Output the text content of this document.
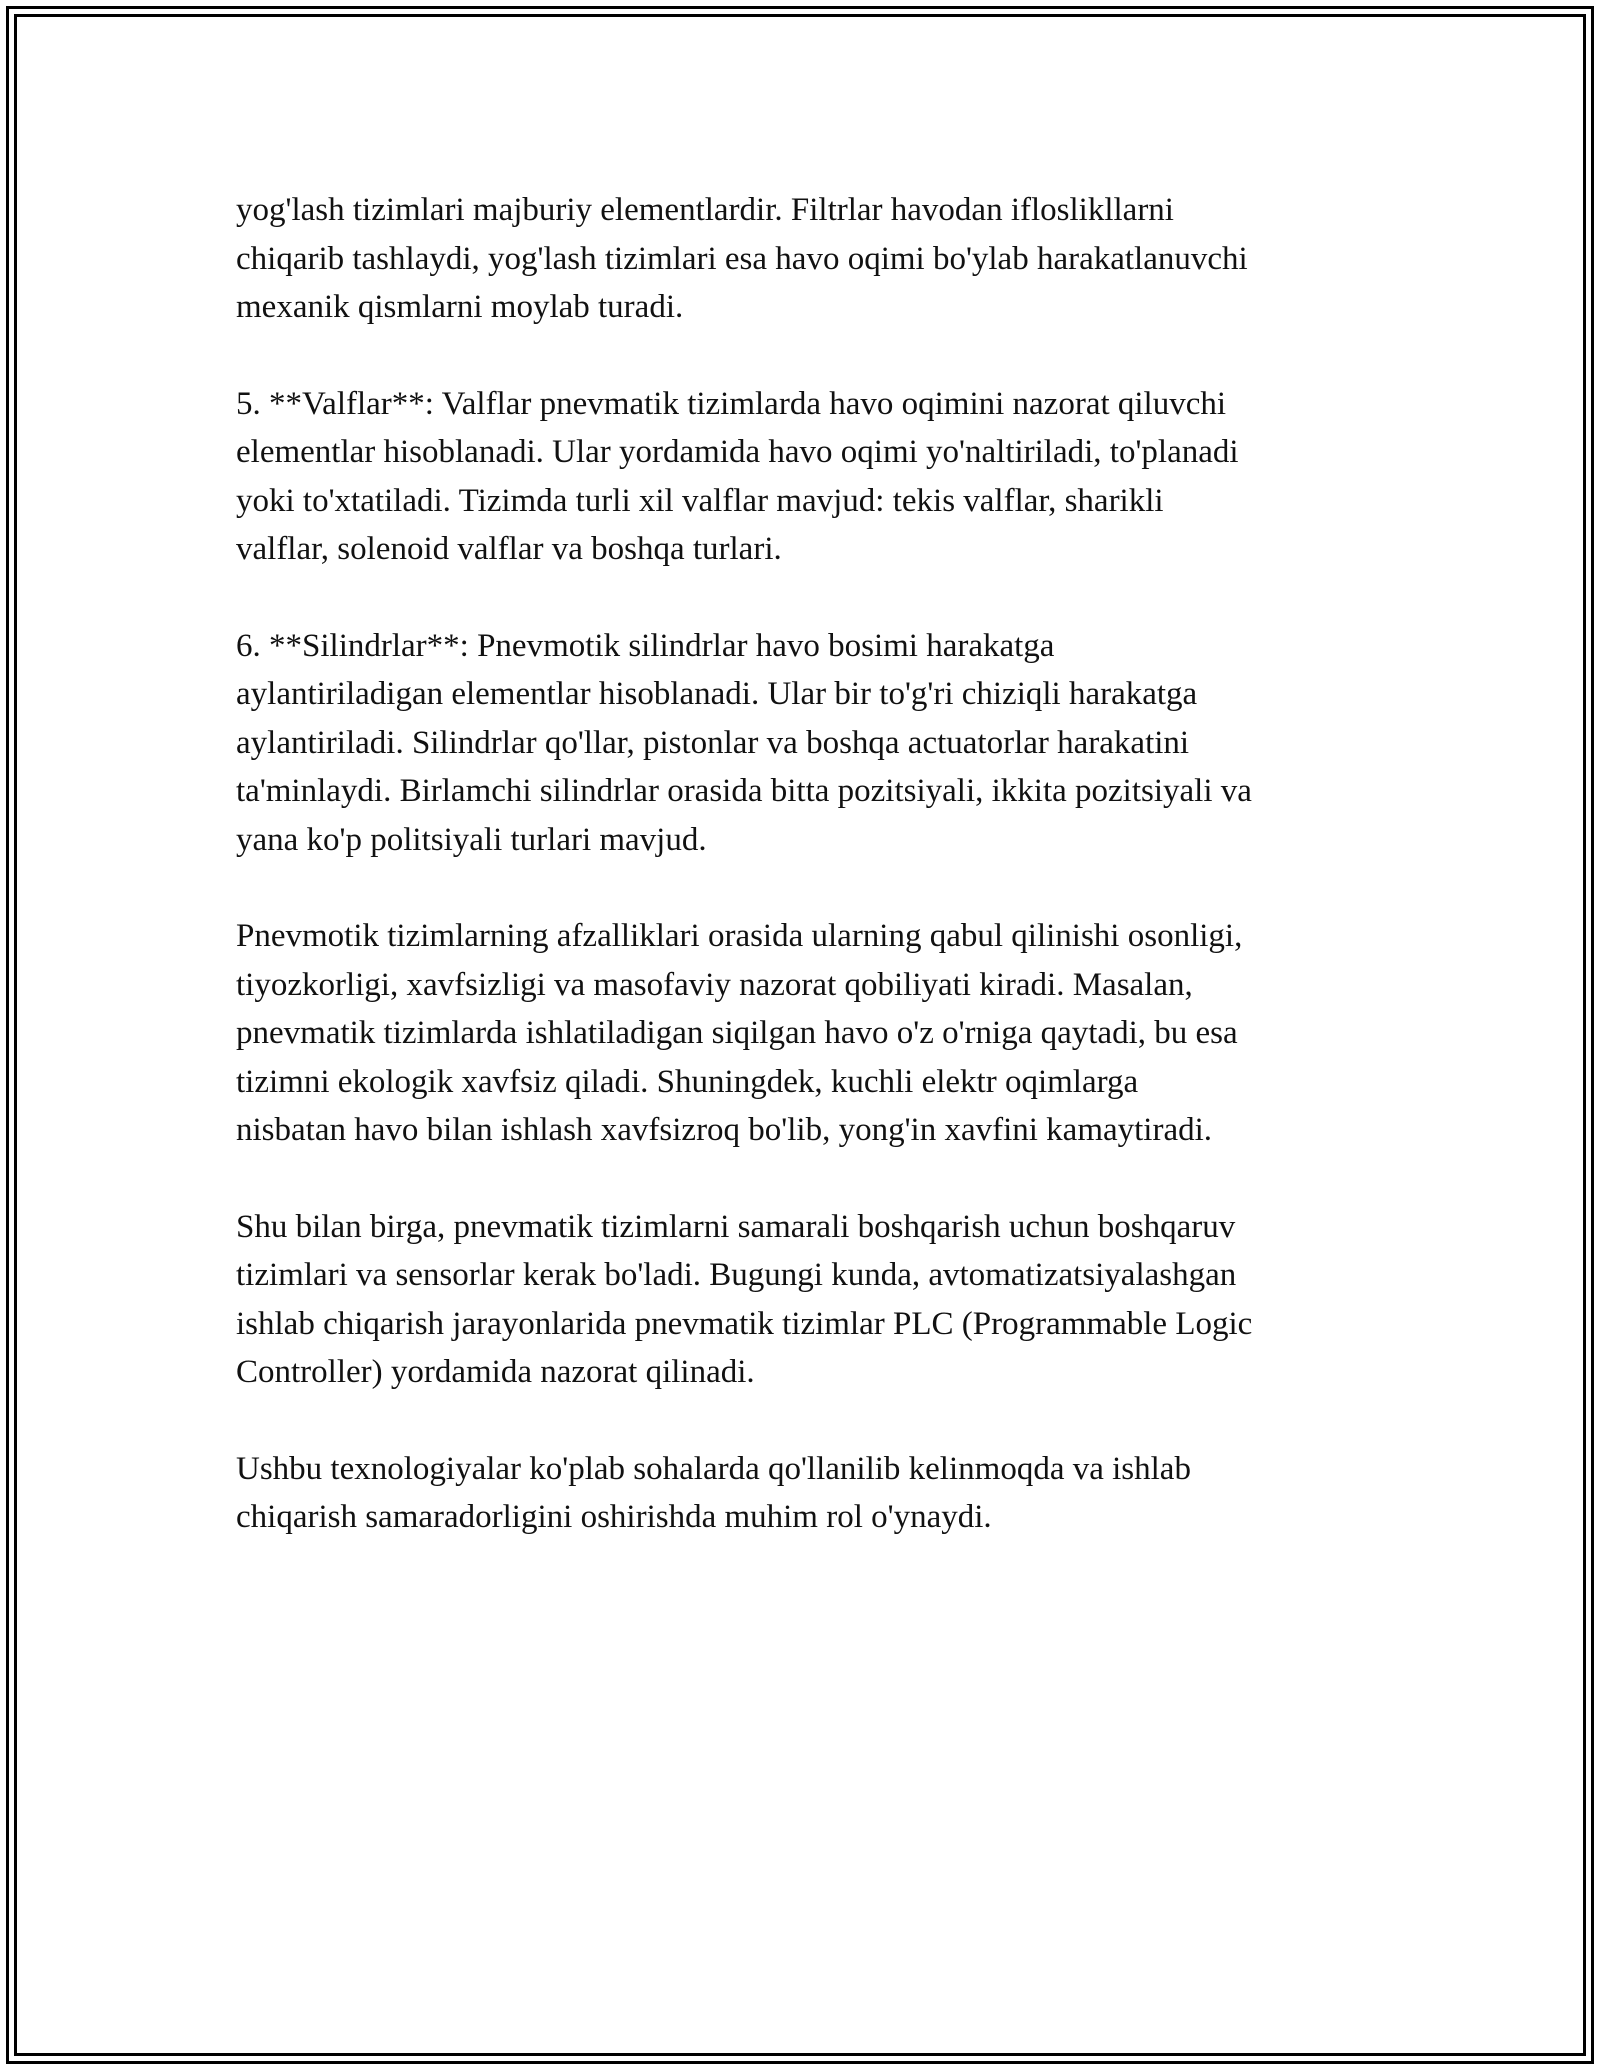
yog'lash tizimlari majburiy elementlardir. Filtrlar havodan ifloslikllarni
chiqarib tashlaydi, yog'lash tizimlari esa havo oqimi bo'ylab harakatlanuvchi
mexanik qismlarni moylab turadi.

5. **Valflar**: Valflar pnevmatik tizimlarda havo oqimini nazorat qiluvchi
elementlar hisoblanadi. Ular yordamida havo oqimi yo'naltiriladi, to'planadi
yoki to'xtatiladi. Tizimda turli xil valflar mavjud: tekis valflar, sharikli
valflar, solenoid valflar va boshqa turlari.

6. **Silindrlar**: Pnevmotik silindrlar havo bosimi harakatga
aylantiriladigan elementlar hisoblanadi. Ular bir to'g'ri chiziqli harakatga
aylantiriladi. Silindrlar qo'llar, pistonlar va boshqa actuatorlar harakatini
ta'minlaydi. Birlamchi silindrlar orasida bitta pozitsiyali, ikkita pozitsiyali va
yana ko'p politsiyali turlari mavjud.

Pnevmotik tizimlarning afzalliklari orasida ularning qabul qilinishi osonligi,
tiyozkorligi, xavfsizligi va masofaviy nazorat qobiliyati kiradi. Masalan,
pnevmatik tizimlarda ishlatiladigan siqilgan havo o'z o'rniga qaytadi, bu esa
tizimni ekologik xavfsiz qiladi. Shuningdek, kuchli elektr oqimlarga
nisbatan havo bilan ishlash xavfsizroq bo'lib, yong'in xavfini kamaytiradi.

Shu bilan birga, pnevmatik tizimlarni samarali boshqarish uchun boshqaruv
tizimlari va sensorlar kerak bo'ladi. Bugungi kunda, avtomatizatsiyalashgan
ishlab chiqarish jarayonlarida pnevmatik tizimlar PLC (Programmable Logic
Controller) yordamida nazorat qilinadi.

Ushbu texnologiyalar ko'plab sohalarda qo'llanilib kelinmoqda va ishlab
chiqarish samaradorligini oshirishda muhim rol o'ynaydi.
